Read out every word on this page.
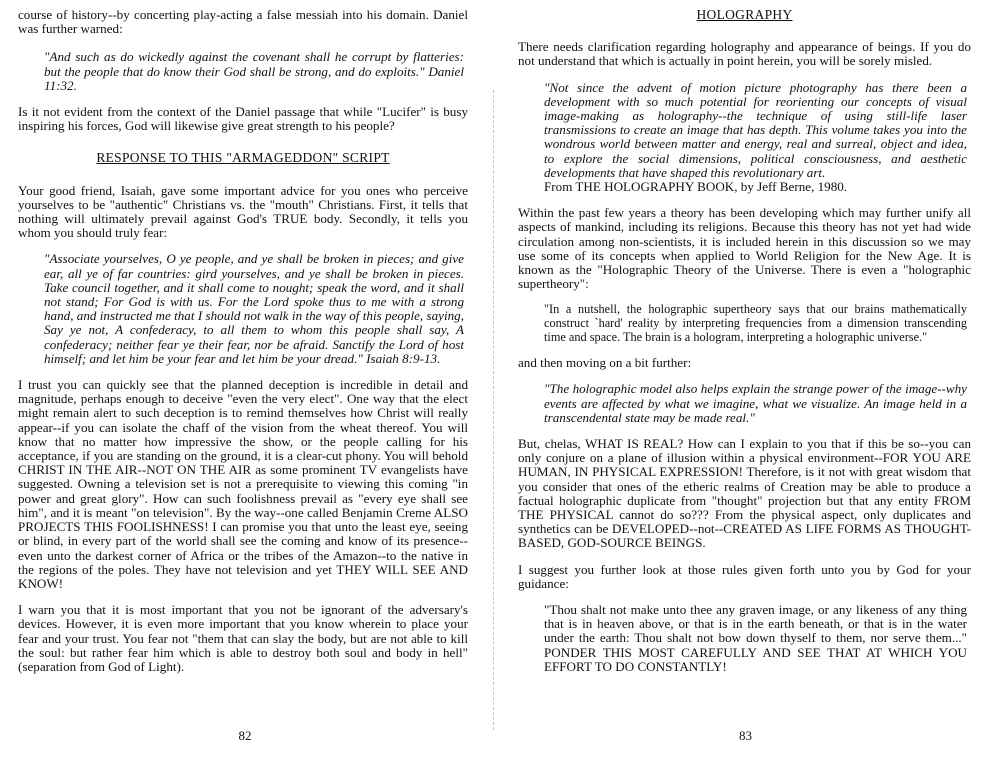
course of history--by concerting play-acting a false messiah into his domain. Daniel was further warned:

"And such as do wickedly against the covenant shall he corrupt by flatteries: but the people that do know their God shall be strong, and do exploits." Daniel 11:32.

Is it not evident from the context of the Daniel passage that while "Lucifer" is busy inspiring his forces, God will likewise give great strength to his people?

RESPONSE TO THIS "ARMAGEDDON" SCRIPT

Your good friend, Isaiah, gave some important advice for you ones who perceive yourselves to be "authentic" Christians vs. the "mouth" Christians. First, it tells that nothing will ultimately prevail against God's TRUE body. Secondly, it tells you whom you should truly fear:

"Associate yourselves, O ye people, and ye shall be broken in pieces; and give ear, all ye of far countries: gird yourselves, and ye shall be broken in pieces. Take council together, and it shall come to nought; speak the word, and it shall not stand; For God is with us. For the Lord spoke thus to me with a strong hand, and instructed me that I should not walk in the way of this people, saying, Say ye not, A confederacy, to all them to whom this people shall say, A confederacy; neither fear ye their fear, nor be afraid. Sanctify the Lord of host himself; and let him be your fear and let him be your dread." Isaiah 8:9-13.

I trust you can quickly see that the planned deception is incredible in detail and magnitude, perhaps enough to deceive "even the very elect". One way that the elect might remain alert to such deception is to remind themselves how Christ will really appear--if you can isolate the chaff of the vision from the wheat thereof. You will know that no matter how impressive the show, or the people calling for his acceptance, if you are standing on the ground, it is a clear-cut phony. You will behold CHRIST IN THE AIR--NOT ON THE AIR as some prominent TV evangelists have suggested. Owning a television set is not a prerequisite to viewing this coming "in power and great glory". How can such foolishness prevail as "every eye shall see him", and it is meant "on television". By the way--one called Benjamin Creme ALSO PROJECTS THIS FOOLISHNESS! I can promise you that unto the least eye, seeing or blind, in every part of the world shall see the coming and know of its presence--even unto the darkest corner of Africa or the tribes of the Amazon--to the native in the regions of the poles. They have not television and yet THEY WILL SEE AND KNOW!

I warn you that it is most important that you not be ignorant of the adversary's devices. However, it is even more important that you know wherein to place your fear and your trust. You fear not "them that can slay the body, but are not able to kill the soul: but rather fear him which is able to destroy both soul and body in hell" (separation from God of Light).

82

HOLOGRAPHY

There needs clarification regarding holography and appearance of beings. If you do not understand that which is actually in point herein, you will be sorely misled.

"Not since the advent of motion picture photography has there been a development with so much potential for reorienting our concepts of visual image-making as holography--the technique of using still-life laser transmissions to create an image that has depth. This volume takes you into the wondrous world between matter and energy, real and surreal, object and idea, to explore the social dimensions, political consciousness, and aesthetic developments that have shaped this revolutionary art.

From THE HOLOGRAPHY BOOK, by Jeff Berne, 1980.

Within the past few years a theory has been developing which may further unify all aspects of mankind, including its religions. Because this theory has not yet had wide circulation among non-scientists, it is included herein in this discussion so we may use some of its concepts when applied to World Religion for the New Age. It is known as the "Holographic Theory of the Universe. There is even a "holographic supertheory":

"In a nutshell, the holographic supertheory says that our brains mathematically construct `hard' reality by interpreting frequencies from a dimension transcending time and space. The brain is a hologram, interpreting a holographic universe."

and then moving on a bit further:

"The holographic model also helps explain the strange power of the image--why events are affected by what we imagine, what we visualize. An image held in a transcendental state may be made real."

But, chelas, WHAT IS REAL? How can I explain to you that if this be so--you can only conjure on a plane of illusion within a physical environment--FOR YOU ARE HUMAN, IN PHYSICAL EXPRESSION! Therefore, is it not with great wisdom that you consider that ones of the etheric realms of Creation may be able to produce a factual holographic duplicate from "thought" projection but that any entity FROM THE PHYSICAL cannot do so??? From the physical aspect, only duplicates and synthetics can be DEVELOPED--not--CREATED AS LIFE FORMS AS THOUGHT-BASED, GOD-SOURCE BEINGS.

I suggest you further look at those rules given forth unto you by God for your guidance:

"Thou shalt not make unto thee any graven image, or any likeness of any thing that is in heaven above, or that is in the earth beneath, or that is in the water under the earth: Thou shalt not bow down thyself to them, nor serve them..." PONDER THIS MOST CAREFULLY AND SEE THAT AT WHICH YOU EFFORT TO DO CONSTANTLY!

83
